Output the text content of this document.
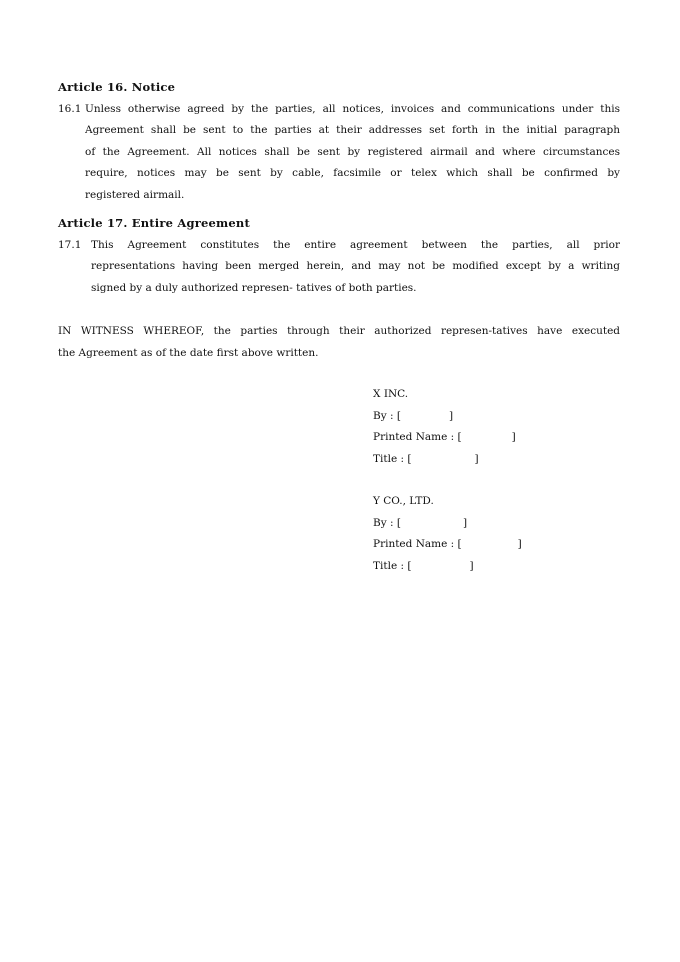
Article 16. Notice
16.1 Unless otherwise agreed by the parties, all notices, invoices and communications under this
Agreement shall be sent to the parties at their addresses set forth in the initial paragraph
of the Agreement. All notices shall be sent by registered airmail and where circumstances
require, notices may be sent by cable, facsimile or telex which shall be confirmed by
registered airmail.
Article 17. Entire Agreement
17.1 This Agreement constitutes the entire agreement between the parties, all prior
representations having been merged herein, and may not be modified except by a writing
signed by a duly authorized represen- tatives of both parties.
IN WITNESS WHEREOF, the parties through their authorized represen-tatives have executed
the Agreement as of the date first above written.
X INC.
By : [	]
Printed Name : [	]
Title : [	]
Y CO., LTD.
By : [	]
Printed Name : [	]
Title : [	]
